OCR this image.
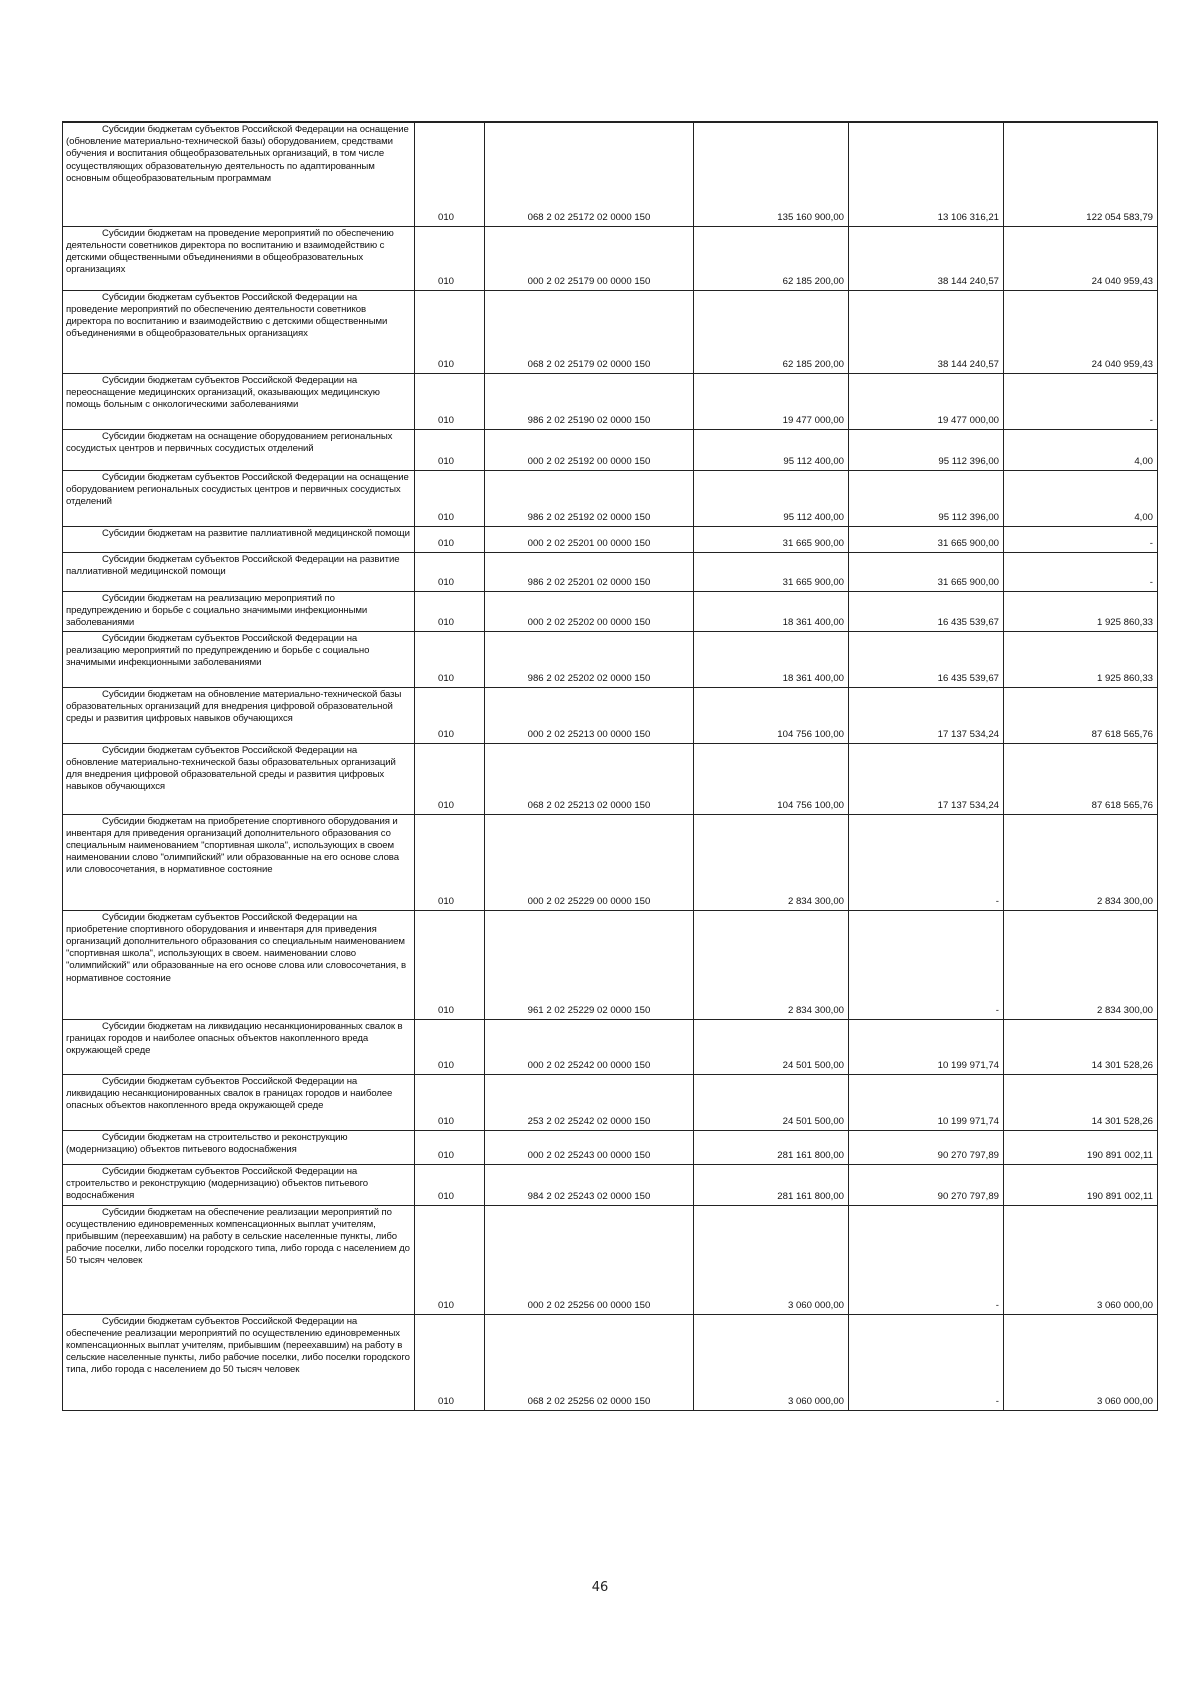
Субсидии бюджетам субъектов Российской Федерации на оснащение (обновление материально-технической базы) оборудованием, средствами обучения и воспитания общеобразовательных организаций, в том числе осуществляющих образовательную деятельность по адаптированным основным общеобразовательным программам	010	068 2 02 25172 02 0000 150	135 160 900,00	13 106 316,21	122 054 583,79
Субсидии бюджетам на проведение мероприятий по обеспечению деятельности советников директора по воспитанию и взаимодействию с детскими общественными объединениями в общеобразовательных организациях	010	000 2 02 25179 00 0000 150	62 185 200,00	38 144 240,57	24 040 959,43
Субсидии бюджетам субъектов Российской Федерации на проведение мероприятий по обеспечению деятельности советников директора по воспитанию и взаимодействию с детскими общественными объединениями в общеобразовательных организациях	010	068 2 02 25179 02 0000 150	62 185 200,00	38 144 240,57	24 040 959,43
Субсидии бюджетам субъектов Российской Федерации на переоснащение медицинских организаций, оказывающих медицинскую помощь больным с онкологическими заболеваниями	010	986 2 02 25190 02 0000 150	19 477 000,00	19 477 000,00	-
Субсидии бюджетам на оснащение оборудованием региональных сосудистых центров и первичных сосудистых отделений	010	000 2 02 25192 00 0000 150	95 112 400,00	95 112 396,00	4,00
Субсидии бюджетам субъектов Российской Федерации на оснащение оборудованием региональных сосудистых центров и первичных сосудистых отделений	010	986 2 02 25192 02 0000 150	95 112 400,00	95 112 396,00	4,00
Субсидии бюджетам на развитие паллиативной медицинской помощи	010	000 2 02 25201 00 0000 150	31 665 900,00	31 665 900,00	-
Субсидии бюджетам субъектов Российской Федерации на развитие паллиативной медицинской помощи	010	986 2 02 25201 02 0000 150	31 665 900,00	31 665 900,00	-
Субсидии бюджетам на реализацию мероприятий по предупреждению и борьбе с социально значимыми инфекционными заболеваниями	010	000 2 02 25202 00 0000 150	18 361 400,00	16 435 539,67	1 925 860,33
Субсидии бюджетам субъектов Российской Федерации на реализацию мероприятий по предупреждению и борьбе с социально значимыми инфекционными заболеваниями	010	986 2 02 25202 02 0000 150	18 361 400,00	16 435 539,67	1 925 860,33
Субсидии бюджетам на обновление материально-технической базы образовательных организаций для внедрения цифровой образовательной среды и развития цифровых навыков обучающихся	010	000 2 02 25213 00 0000 150	104 756 100,00	17 137 534,24	87 618 565,76
Субсидии бюджетам субъектов Российской Федерации на обновление материально-технической базы образовательных организаций для внедрения цифровой образовательной среды и развития цифровых навыков обучающихся	010	068 2 02 25213 02 0000 150	104 756 100,00	17 137 534,24	87 618 565,76
Субсидии бюджетам на приобретение спортивного оборудования и инвентаря для приведения организаций дополнительного образования со специальным наименованием "спортивная школа", использующих в своем наименовании слово "олимпийский" или образованные на его основе слова или словосочетания, в нормативное состояние	010	000 2 02 25229 00 0000 150	2 834 300,00	-	2 834 300,00
Субсидии бюджетам субъектов Российской Федерации на приобретение спортивного оборудования и инвентаря для приведения организаций дополнительного образования со специальным наименованием "спортивная школа", использующих в своем. наименовании слово "олимпийский" или образованные на его основе слова или словосочетания, в нормативное состояние	010	961 2 02 25229 02 0000 150	2 834 300,00	-	2 834 300,00
Субсидии бюджетам на ликвидацию несанкционированных свалок в границах городов и наиболее опасных объектов накопленного вреда окружающей среде	010	000 2 02 25242 00 0000 150	24 501 500,00	10 199 971,74	14 301 528,26
Субсидии бюджетам субъектов Российской Федерации на ликвидацию несанкционированных свалок в границах городов и наиболее опасных объектов накопленного вреда окружающей среде	010	253 2 02 25242 02 0000 150	24 501 500,00	10 199 971,74	14 301 528,26
Субсидии бюджетам на строительство и реконструкцию (модернизацию) объектов питьевого водоснабжения	010	000 2 02 25243 00 0000 150	281 161 800,00	90 270 797,89	190 891 002,11
Субсидии бюджетам субъектов Российской Федерации на строительство и реконструкцию (модернизацию) объектов питьевого водоснабжения	010	984 2 02 25243 02 0000 150	281 161 800,00	90 270 797,89	190 891 002,11
Субсидии бюджетам на обеспечение реализации мероприятий по осуществлению единовременных компенсационных выплат учителям, прибывшим (переехавшим) на работу в сельские населенные пункты, либо рабочие поселки, либо поселки городского типа, либо города с населением до 50 тысяч человек	010	000 2 02 25256 00 0000 150	3 060 000,00	-	3 060 000,00
Субсидии бюджетам субъектов Российской Федерации на обеспечение реализации мероприятий по осуществлению единовременных компенсационных выплат учителям, прибывшим (переехавшим) на работу в сельские населенные пункты, либо рабочие поселки, либо поселки городского типа, либо города с населением до 50 тысяч человек	010	068 2 02 25256 02 0000 150	3 060 000,00	-	3 060 000,00
46
